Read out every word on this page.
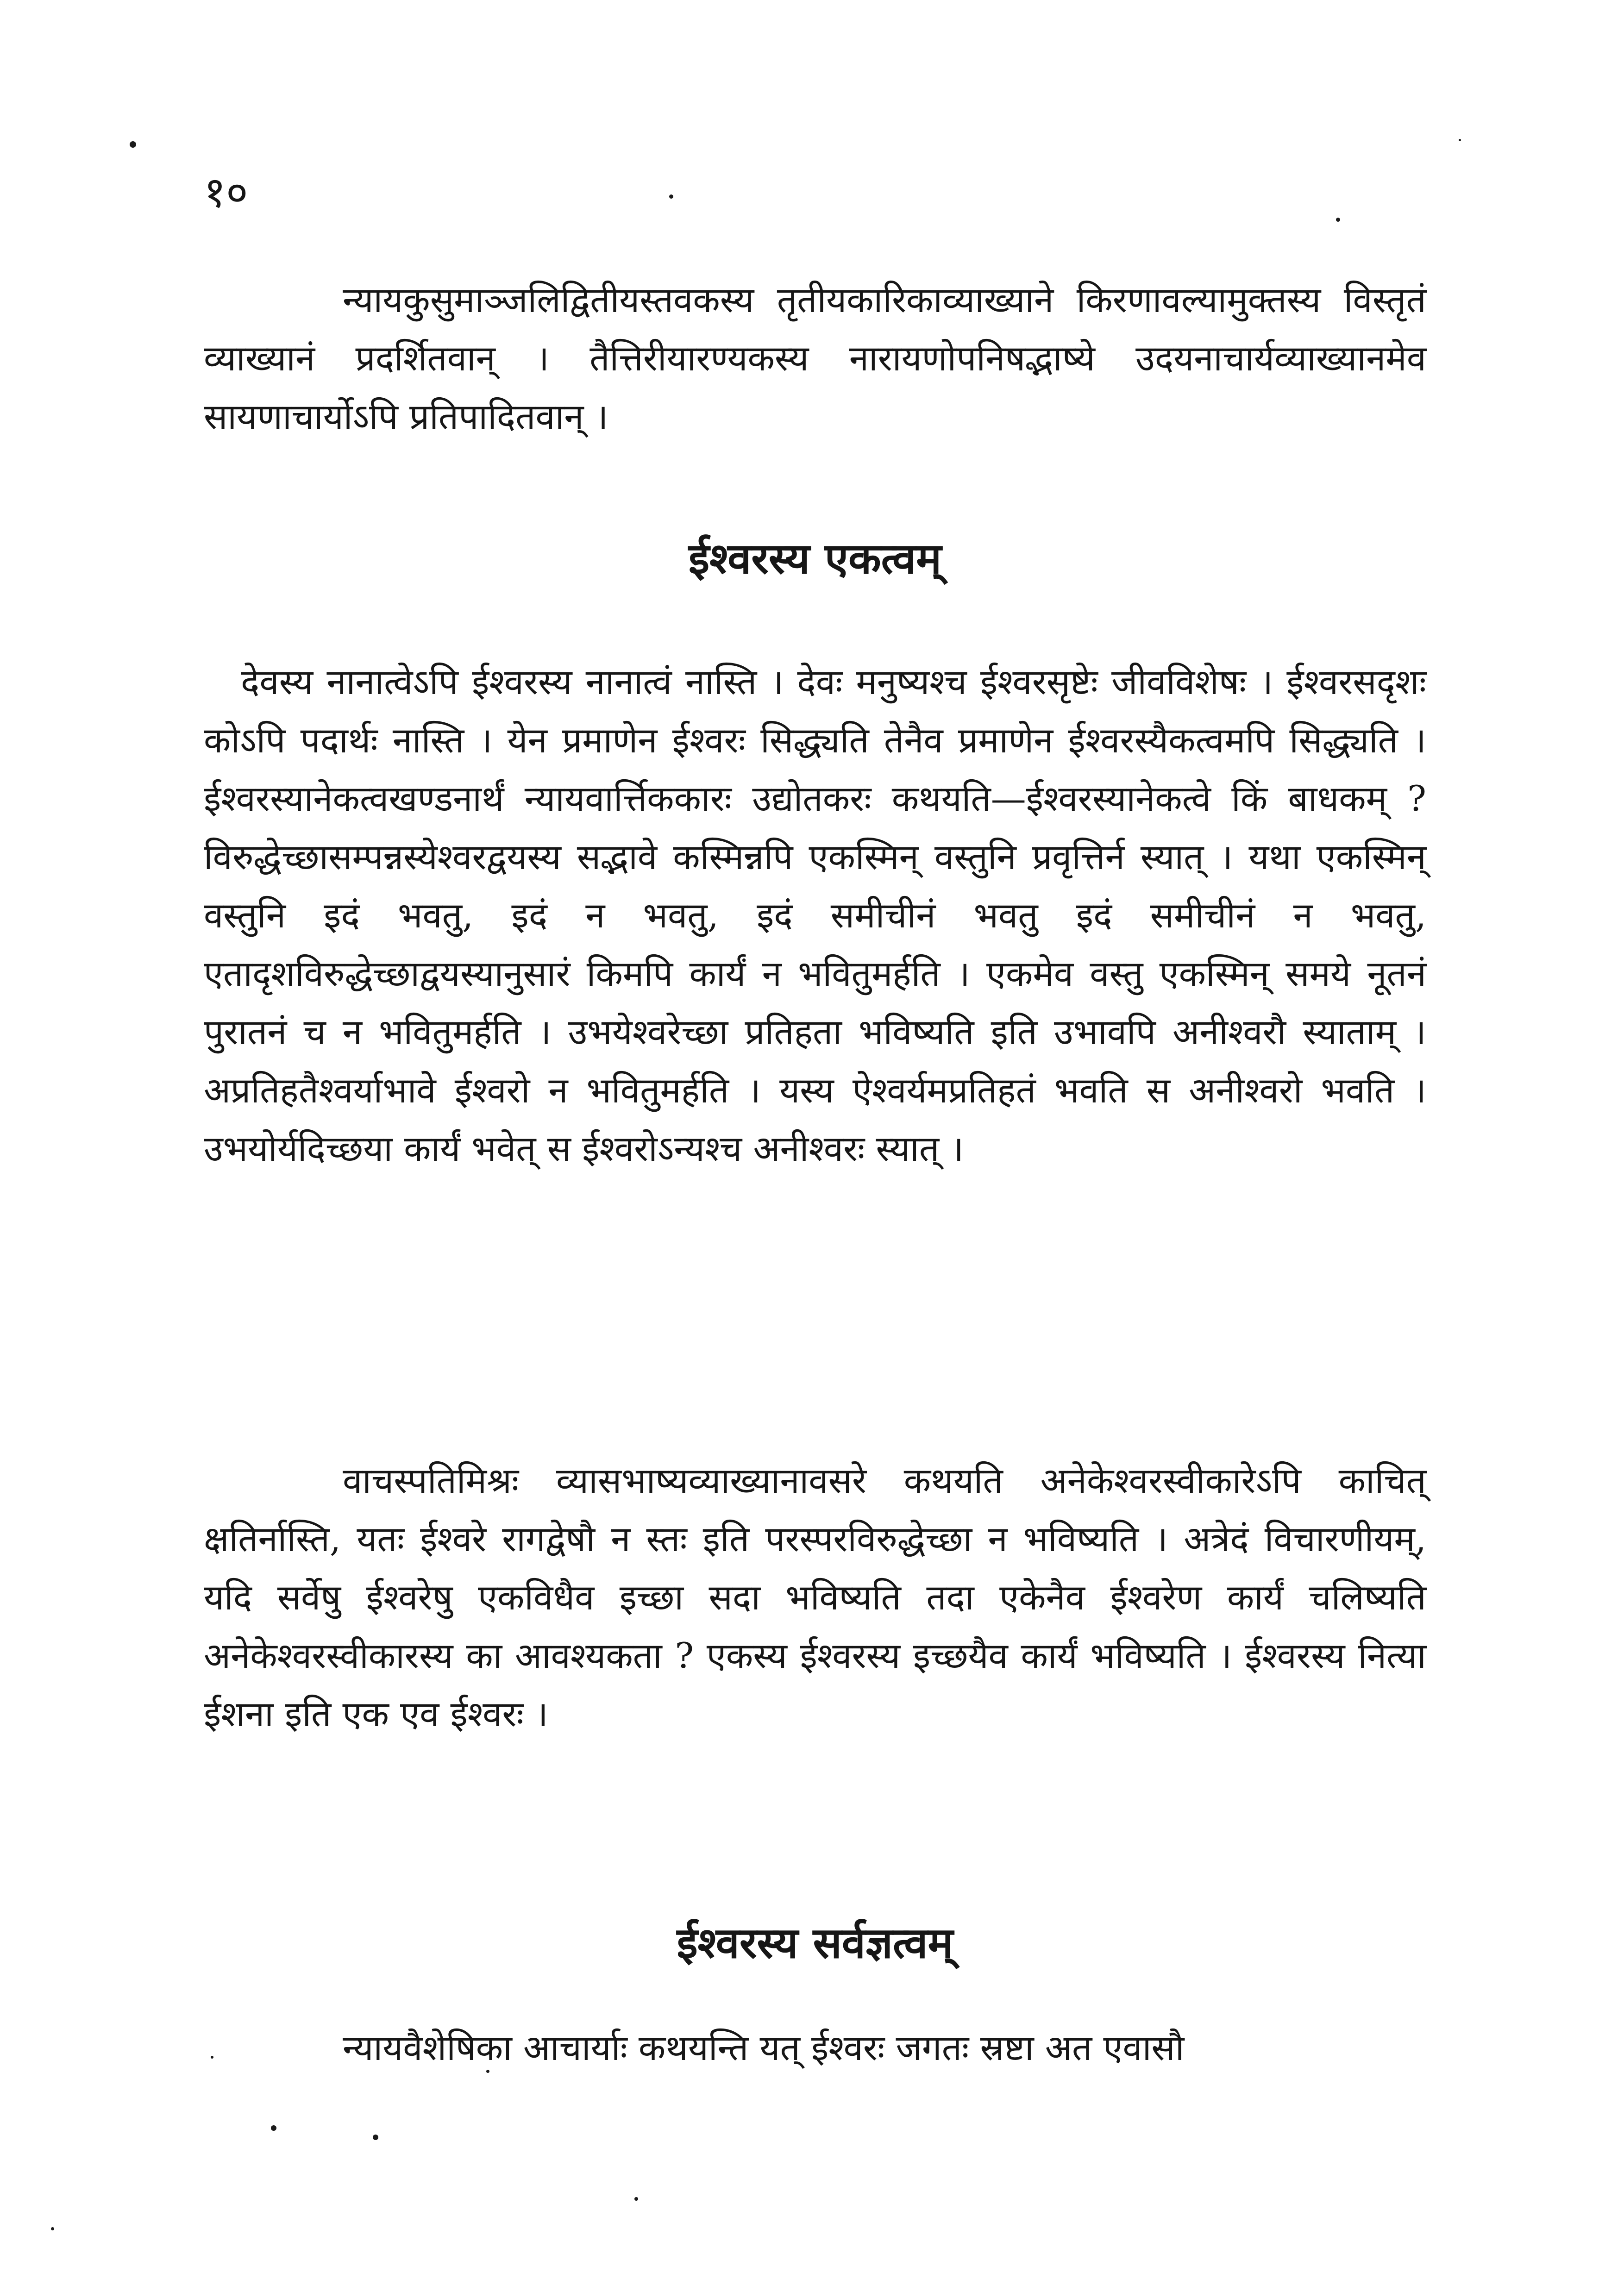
१०

न्यायकुसुमाञ्जलिद्वितीयस्तवकस्य तृतीयकारिकाव्याख्याने किरणावल्यामुक्तस्य विस्तृतं व्याख्यानं प्रदर्शितवान् । तैत्तिरीयारण्यकस्य नारायणोपनिषद्भाष्ये उदयनाचार्यव्याख्यानमेव सायणाचार्योऽपि प्रतिपादितवान् ।

ईश्वरस्य एकत्वम्

देवस्य नानात्वेऽपि ईश्वरस्य नानात्वं नास्ति । देवः मनुष्यश्च ईश्वरसृष्टेः जीवविशेषः । ईश्वरसदृशः कोऽपि पदार्थः नास्ति । येन प्रमाणेन ईश्वरः सिद्ध्यति तेनैव प्रमाणेन ईश्वरस्यैकत्वमपि सिद्ध्यति । ईश्वरस्यानेकत्वखण्डनार्थं न्यायवार्त्तिककारः उद्योतकरः कथयति—ईश्वरस्यानेकत्वे किं बाधकम् ? विरुद्धेच्छासम्पन्नस्येश्वरद्वयस्य सद्भावे कस्मिन्नपि एकस्मिन् वस्तुनि प्रवृत्तिर्न स्यात् । यथा एकस्मिन् वस्तुनि इदं भवतु, इदं न भवतु, इदं समीचीनं भवतु इदं समीचीनं न भवतु, एतादृशविरुद्धेच्छाद्वयस्यानुसारं किमपि कार्यं न भवितुमर्हति । एकमेव वस्तु एकस्मिन् समये नूतनं पुरातनं च न भवितुमर्हति । उभयेश्वरेच्छा प्रतिहता भविष्यति इति उभावपि अनीश्वरौ स्याताम् । अप्रतिहतैश्वर्याभावे ईश्वरो न भवितुमर्हति । यस्य ऐश्वर्यमप्रतिहतं भवति स अनीश्वरो भवति । उभयोर्यदिच्छया कार्यं भवेत् स ईश्वरोऽन्यश्च अनीश्वरः स्यात् ।

वाचस्पतिमिश्रः व्यासभाष्यव्याख्यानावसरे कथयति अनेकेश्वरस्वीकारेऽपि काचित् क्षतिर्नास्ति, यतः ईश्वरे रागद्वेषौ न स्तः इति परस्परविरुद्धेच्छा न भविष्यति । अत्रेदं विचारणीयम्, यदि सर्वेषु ईश्वरेषु एकविधैव इच्छा सदा भविष्यति तदा एकेनैव ईश्वरेण कार्यं चलिष्यति अनेकेश्वरस्वीकारस्य का आवश्यकता ? एकस्य ईश्वरस्य इच्छयैव कार्यं भविष्यति । ईश्वरस्य नित्या ईशना इति एक एव ईश्वरः ।

ईश्वरस्य सर्वज्ञत्वम्

न्यायवैशेषिका आचार्याः कथयन्ति यत् ईश्वरः जगतः स्रष्टा अत एवासौ
